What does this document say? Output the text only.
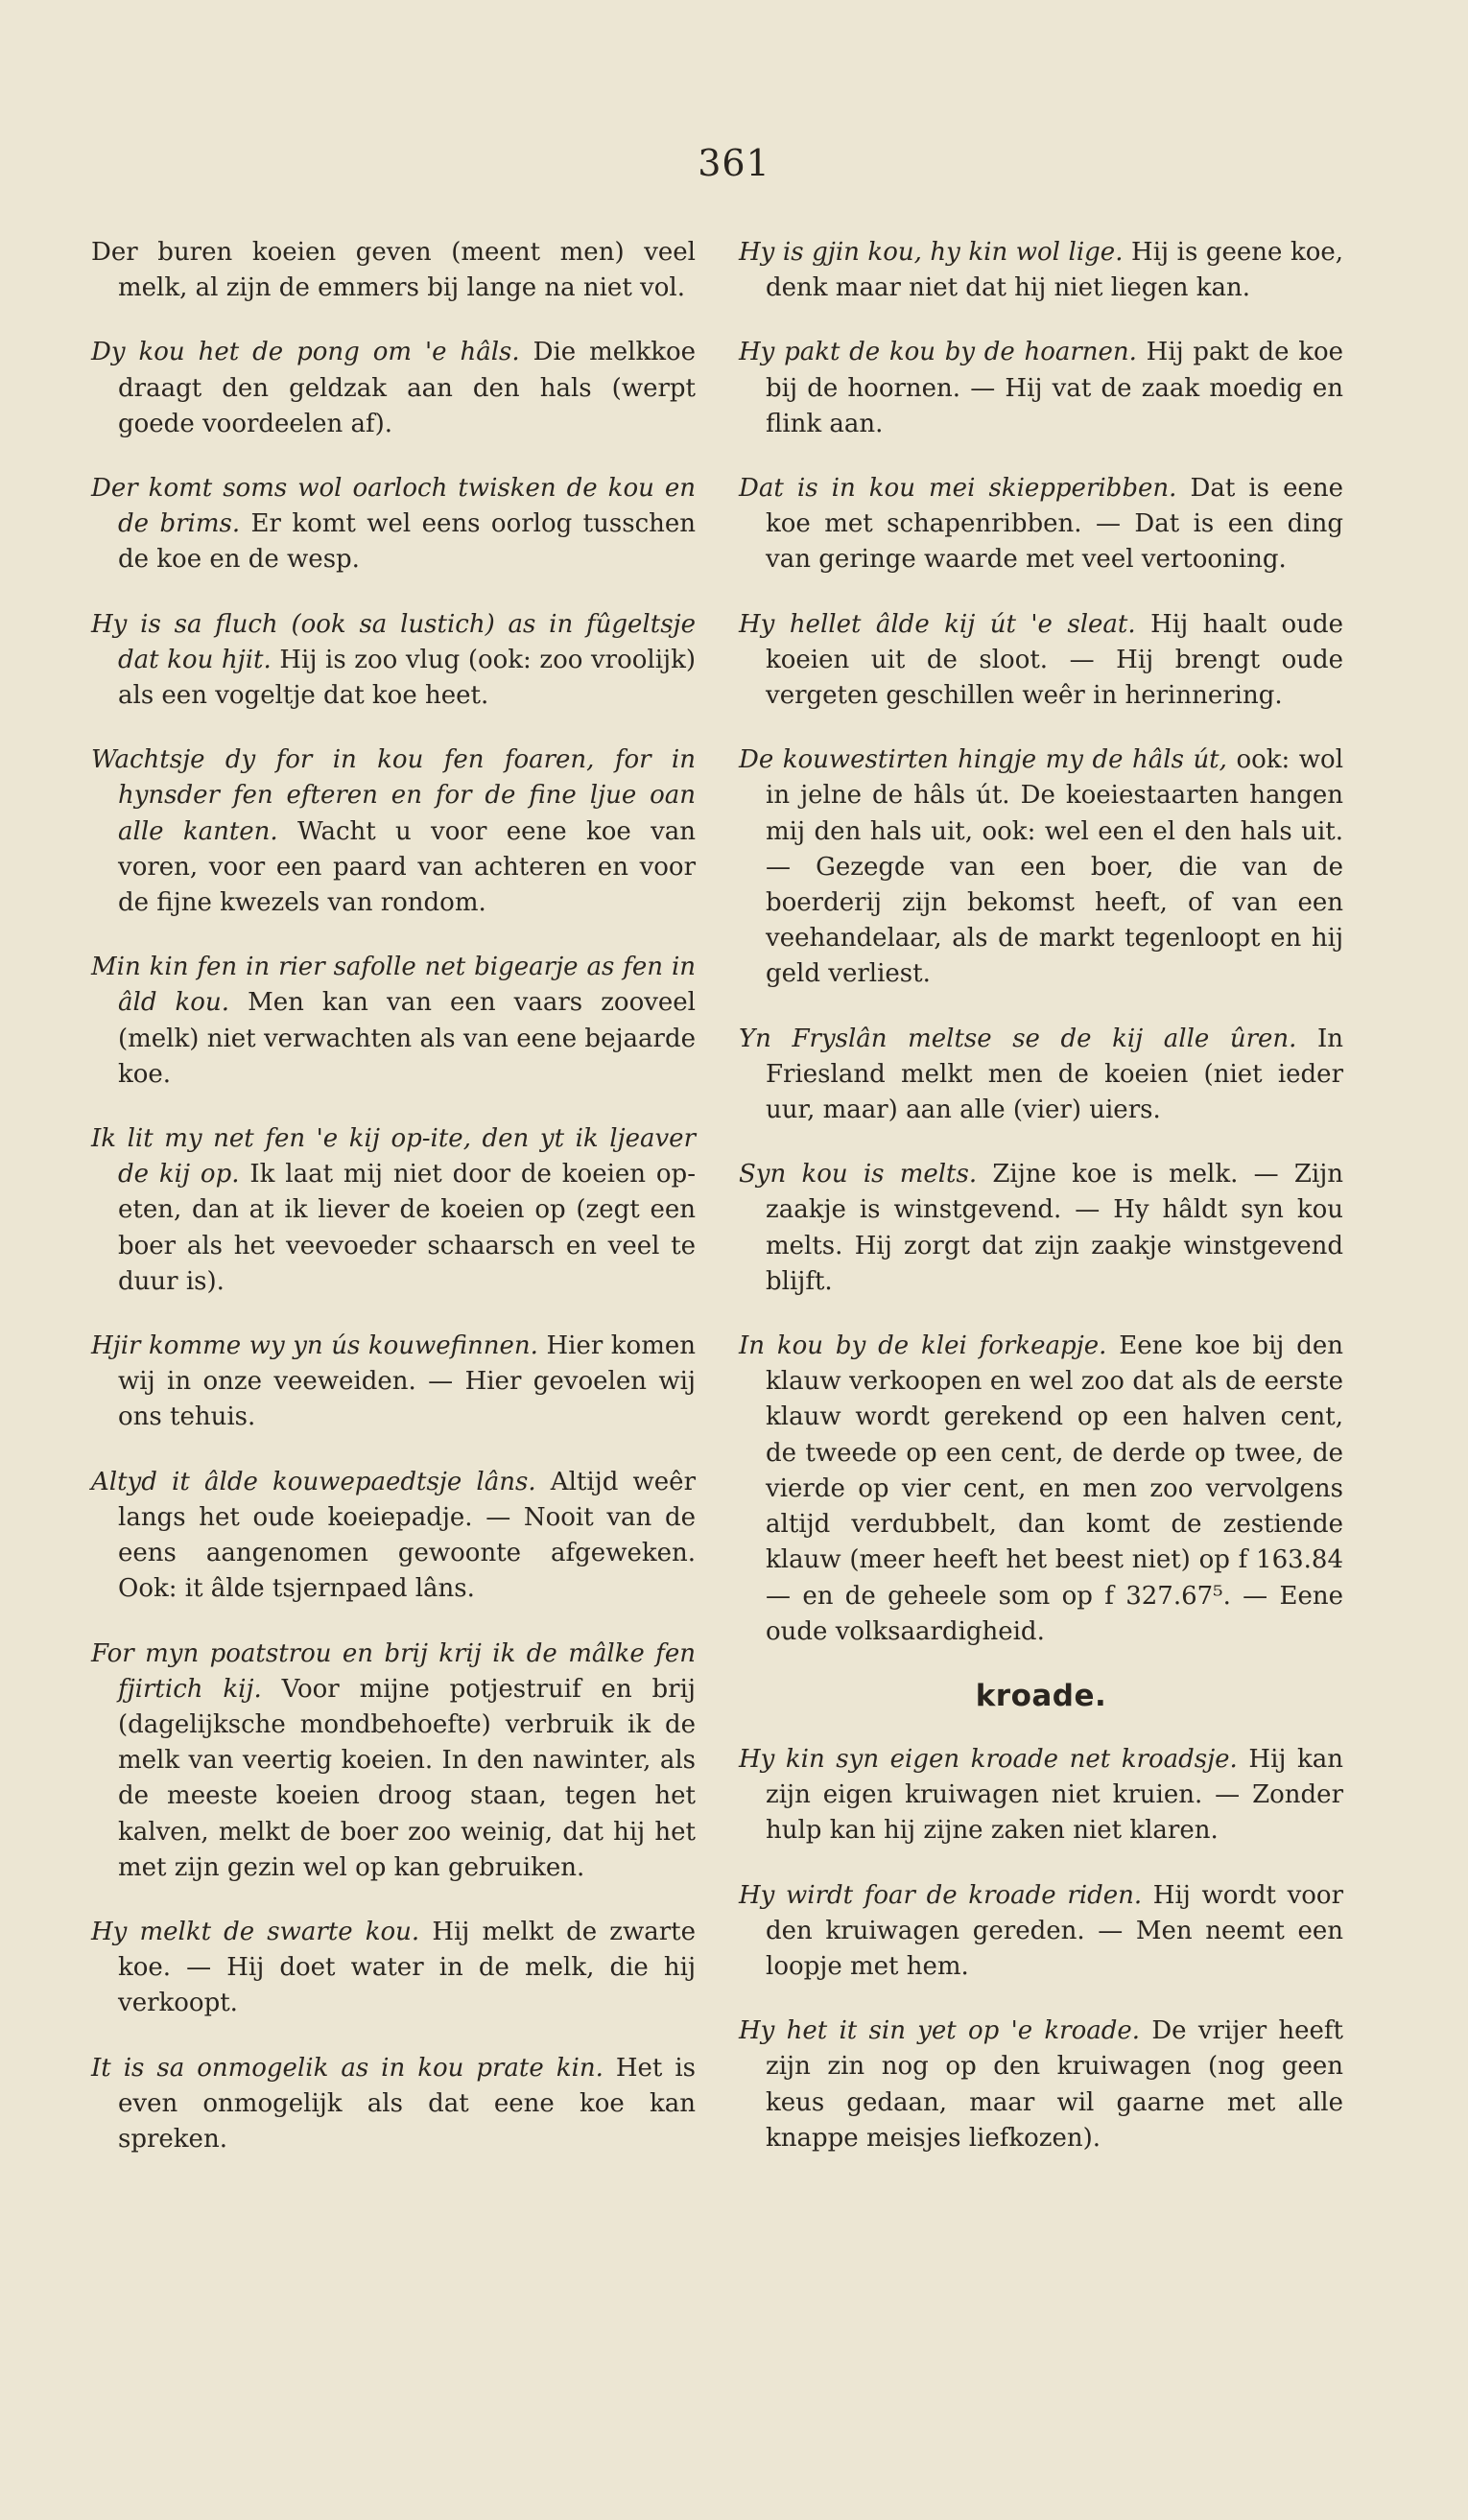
361

Der buren koeien geven (meent men) veel melk, al zijn de emmers bij lange na niet vol.

Dy kou het de pong om 'e hâls. Die melkkoe draagt den geldzak aan den hals (werpt goede voordeelen af).

Der komt soms wol oarloch twisken de kou en de brims. Er komt wel eens oorlog tusschen de koe en de wesp.

Hy is sa fluch (ook sa lustich) as in fûgeltsje dat kou hjit. Hij is zoo vlug (ook: zoo vroolijk) als een vogeltje dat koe heet.

Wachtsje dy for in kou fen foaren, for in hynsder fen efteren en for de fine ljue oan alle kanten. Wacht u voor eene koe van voren, voor een paard van achteren en voor de fijne kwezels van rondom.

Min kin fen in rier safolle net bigearje as fen in âld kou. Men kan van een vaars zooveel (melk) niet verwachten als van eene bejaarde koe.

Ik lit my net fen 'e kij op-ite, den yt ik ljeaver de kij op. Ik laat mij niet door de koeien op-eten, dan at ik liever de koeien op (zegt een boer als het veevoeder schaarsch en veel te duur is).

Hjir komme wy yn ús kouwefinnen. Hier komen wij in onze veeweiden. — Hier gevoelen wij ons tehuis.

Altyd it âlde kouwepaedtsje lâns. Altijd weêr langs het oude koeiepadje. — Nooit van de eens aangenomen gewoonte afgeweken. Ook: it âlde tsjernpaed lâns.

For myn poatstrou en brij krij ik de mâlke fen fjirtich kij. Voor mijne potjestruif en brij (dagelijksche mondbehoefte) verbruik ik de melk van veertig koeien. In den nawinter, als de meeste koeien droog staan, tegen het kalven, melkt de boer zoo weinig, dat hij het met zijn gezin wel op kan gebruiken.

Hy melkt de swarte kou. Hij melkt de zwarte koe. — Hij doet water in de melk, die hij verkoopt.

It is sa onmogelik as in kou prate kin. Het is even onmogelijk als dat eene koe kan spreken.

Hy is gjin kou, hy kin wol lige. Hij is geene koe, denk maar niet dat hij niet liegen kan.

Hy pakt de kou by de hoarnen. Hij pakt de koe bij de hoornen. — Hij vat de zaak moedig en flink aan.

Dat is in kou mei skiepperibben. Dat is eene koe met schapenribben. — Dat is een ding van geringe waarde met veel vertooning.

Hy hellet âlde kij út 'e sleat. Hij haalt oude koeien uit de sloot. — Hij brengt oude vergeten geschillen weêr in herinnering.

De kouwestirten hingje my de hâls út, ook: wol in jelne de hâls út. De koeiestaarten hangen mij den hals uit, ook: wel een el den hals uit. — Gezegde van een boer, die van de boerderij zijn bekomst heeft, of van een veehandelaar, als de markt tegenloopt en hij geld verliest.

Yn Fryslân meltse se de kij alle ûren. In Friesland melkt men de koeien (niet ieder uur, maar) aan alle (vier) uiers.

Syn kou is melts. Zijne koe is melk. — Zijn zaakje is winstgevend. — Hy hâldt syn kou melts. Hij zorgt dat zijn zaakje winstgevend blijft.

In kou by de klei forkeapje. Eene koe bij den klauw verkoopen en wel zoo dat als de eerste klauw wordt gerekend op een halven cent, de tweede op een cent, de derde op twee, de vierde op vier cent, en men zoo vervolgens altijd verdubbelt, dan komt de zestiende klauw (meer heeft het beest niet) op f 163.84 — en de geheele som op f 327.67⁵. — Eene oude volksaardigheid.

kroade.

Hy kin syn eigen kroade net kroadsje. Hij kan zijn eigen kruiwagen niet kruien. — Zonder hulp kan hij zijne zaken niet klaren.

Hy wirdt foar de kroade riden. Hij wordt voor den kruiwagen gereden. — Men neemt een loopje met hem.

Hy het it sin yet op 'e kroade. De vrijer heeft zijn zin nog op den kruiwagen (nog geen keus gedaan, maar wil gaarne met alle knappe meisjes liefkozen).
